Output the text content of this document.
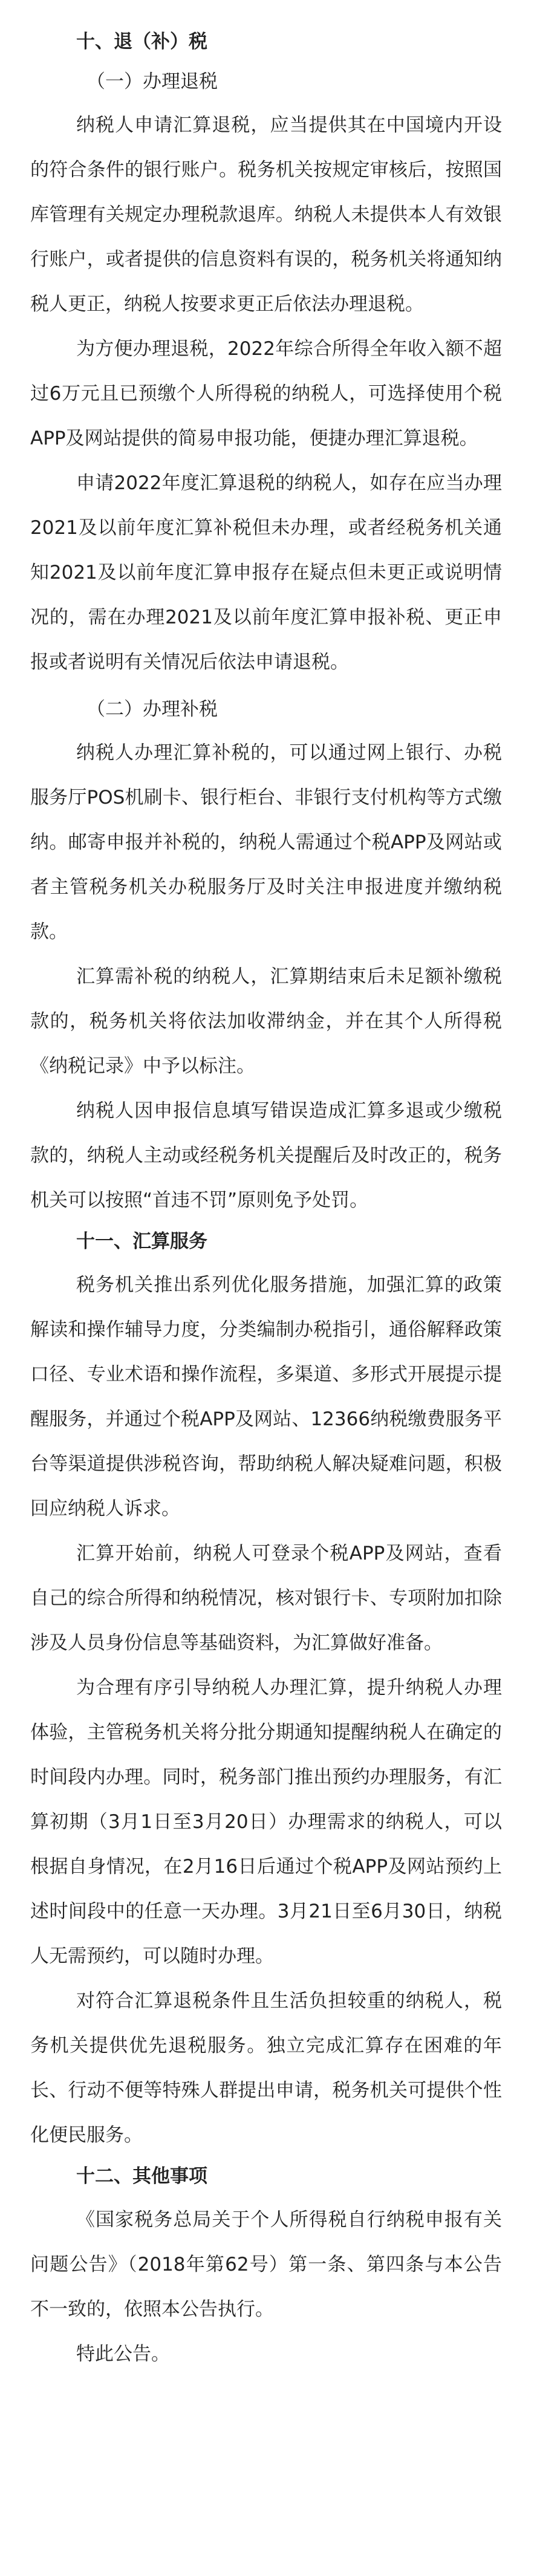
十、退（补）税
（一）办理退税

纳税人申请汇算退税，应当提供其在中国境内开设的符合条件的银行账户。税务机关按规定审核后，按照国库管理有关规定办理税款退库。纳税人未提供本人有效银行账户，或者提供的信息资料有误的，税务机关将通知纳税人更正，纳税人按要求更正后依法办理退税。

为方便办理退税，2022年综合所得全年收入额不超过6万元且已预缴个人所得税的纳税人，可选择使用个税 APP及网站提供的简易申报功能，便捷办理汇算退税。

申请2022年度汇算退税的纳税人，如存在应当办理2021及以前年度汇算补税但未办理，或者经税务机关通知2021及以前年度汇算申报存在疑点但未更正或说明情况的，需在办理2021及以前年度汇算申报补税、更正申报或者说明有关情况后依法申请退税。

（二）办理补税

纳税人办理汇算补税的，可以通过网上银行、办税服务厅POS机刷卡、银行柜台、非银行支付机构等方式缴纳。邮寄申报并补税的，纳税人需通过个税APP及网站或者主管税务机关办税服务厅及时关注申报进度并缴纳税款。

汇算需补税的纳税人，汇算期结束后未足额补缴税款的，税务机关将依法加收滞纳金，并在其个人所得税 《纳税记录》中予以标注。

纳税人因申报信息填写错误造成汇算多退或少缴税款的，纳税人主动或经税务机关提醒后及时改正的，税务机关可以按照“首违不罚”原则免予处罚。

十一、汇算服务

税务机关推出系列优化服务措施，加强汇算的政策解读和操作辅导力度，分类编制办税指引，通俗解释政策口径、专业术语和操作流程，多渠道、多形式开展提示提醒服务，并通过个税APP及网站、12366纳税缴费服务平台等渠道提供涉税咨询，帮助纳税人解决疑难问题，积极回应纳税人诉求。

汇算开始前，纳税人可登录个税APP及网站，查看自己的综合所得和纳税情况，核对银行卡、专项附加扣除涉及人员身份信息等基础资料，为汇算做好准备。

为合理有序引导纳税人办理汇算，提升纳税人办理体验，主管税务机关将分批分期通知提醒纳税人在确定的时间段内办理。同时，税务部门推出预约办理服务，有汇算初期（3月1日至3月20日）办理需求的纳税人，可以根据自身情况，在2月16日后通过个税APP及网站预约上述时间段中的任意一天办理。3月21日至6月30日，纳税人无需预约，可以随时办理。

对符合汇算退税条件且生活负担较重的纳税人，税务机关提供优先退税服务。独立完成汇算存在困难的年长、行动不便等特殊人群提出申请，税务机关可提供个性化便民服务。

十二、其他事项

《国家税务总局关于个人所得税自行纳税申报有关问题公告》（2018年第62号）第一条、第四条与本公告不一致的，依照本公告执行。

特此公告。
